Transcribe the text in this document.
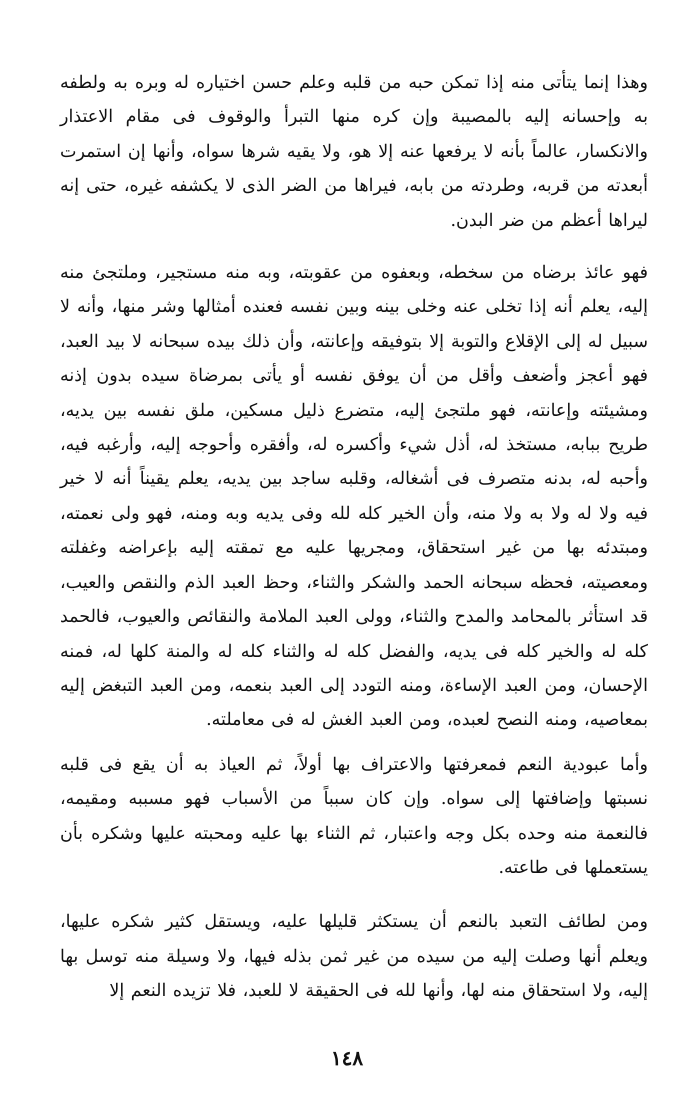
وهذا إنما يتأتى منه إذا تمكن حبه من قلبه وعلم حسن اختياره له وبره به ولطفه به وإحسانه إليه بالمصيبة وإن كره منها التبرأ والوقوف فى مقام الاعتذار والانكسار، عالماً بأنه لا يرفعها عنه إلا هو، ولا يقيه شرها سواه، وأنها إن استمرت أبعدته من قربه، وطردته من بابه، فيراها من الضر الذى لا يكشفه غيره، حتى إنه ليراها أعظم من ضر البدن.

فهو عائذ برضاه من سخطه، وبعفوه من عقوبته، وبه منه مستجير، وملتجئ منه إليه، يعلم أنه إذا تخلى عنه وخلى بينه وبين نفسه فعنده أمثالها وشر منها، وأنه لا سبيل له إلى الإقلاع والتوبة إلا بتوفيقه وإعانته، وأن ذلك بيده سبحانه لا بيد العبد، فهو أعجز وأضعف وأقل من أن يوفق نفسه أو يأتى بمرضاة سيده بدون إذنه ومشيئته وإعانته، فهو ملتجئ إليه، متضرع ذليل مسكين، ملق نفسه بين يديه، طريح ببابه، مستخذ له، أذل شيء وأكسره له، وأفقره وأحوجه إليه، وأرغبه فيه، وأحبه له، بدنه متصرف فى أشغاله، وقلبه ساجد بين يديه، يعلم يقيناً أنه لا خير فيه ولا له ولا به ولا منه، وأن الخير كله لله وفى يديه وبه ومنه، فهو ولى نعمته، ومبتدئه بها من غير استحقاق، ومجريها عليه مع تمقته إليه بإعراضه وغفلته ومعصيته، فحظه سبحانه الحمد والشكر والثناء، وحظ العبد الذم والنقص والعيب، قد استأثر بالمحامد والمدح والثناء، وولى العبد الملامة والنقائص والعيوب، فالحمد كله له والخير كله فى يديه، والفضل كله له والثناء كله له والمنة كلها له، فمنه الإحسان، ومن العبد الإساءة، ومنه التودد إلى العبد بنعمه، ومن العبد التبغض إليه بمعاصيه، ومنه النصح لعبده، ومن العبد الغش له فى معاملته.

وأما عبودية النعم فمعرفتها والاعتراف بها أولاً، ثم العياذ به أن يقع فى قلبه نسبتها وإضافتها إلى سواه. وإن كان سبباً من الأسباب فهو مسببه ومقيمه، فالنعمة منه وحده بكل وجه واعتبار، ثم الثناء بها عليه ومحبته عليها وشكره بأن يستعملها فى طاعته.

ومن لطائف التعبد بالنعم أن يستكثر قليلها عليه، ويستقل كثير شكره عليها، ويعلم أنها وصلت إليه من سيده من غير ثمن بذله فيها، ولا وسيلة منه توسل بها إليه، ولا استحقاق منه لها، وأنها لله فى الحقيقة لا للعبد، فلا تزيده النعم إلا

١٤٨
